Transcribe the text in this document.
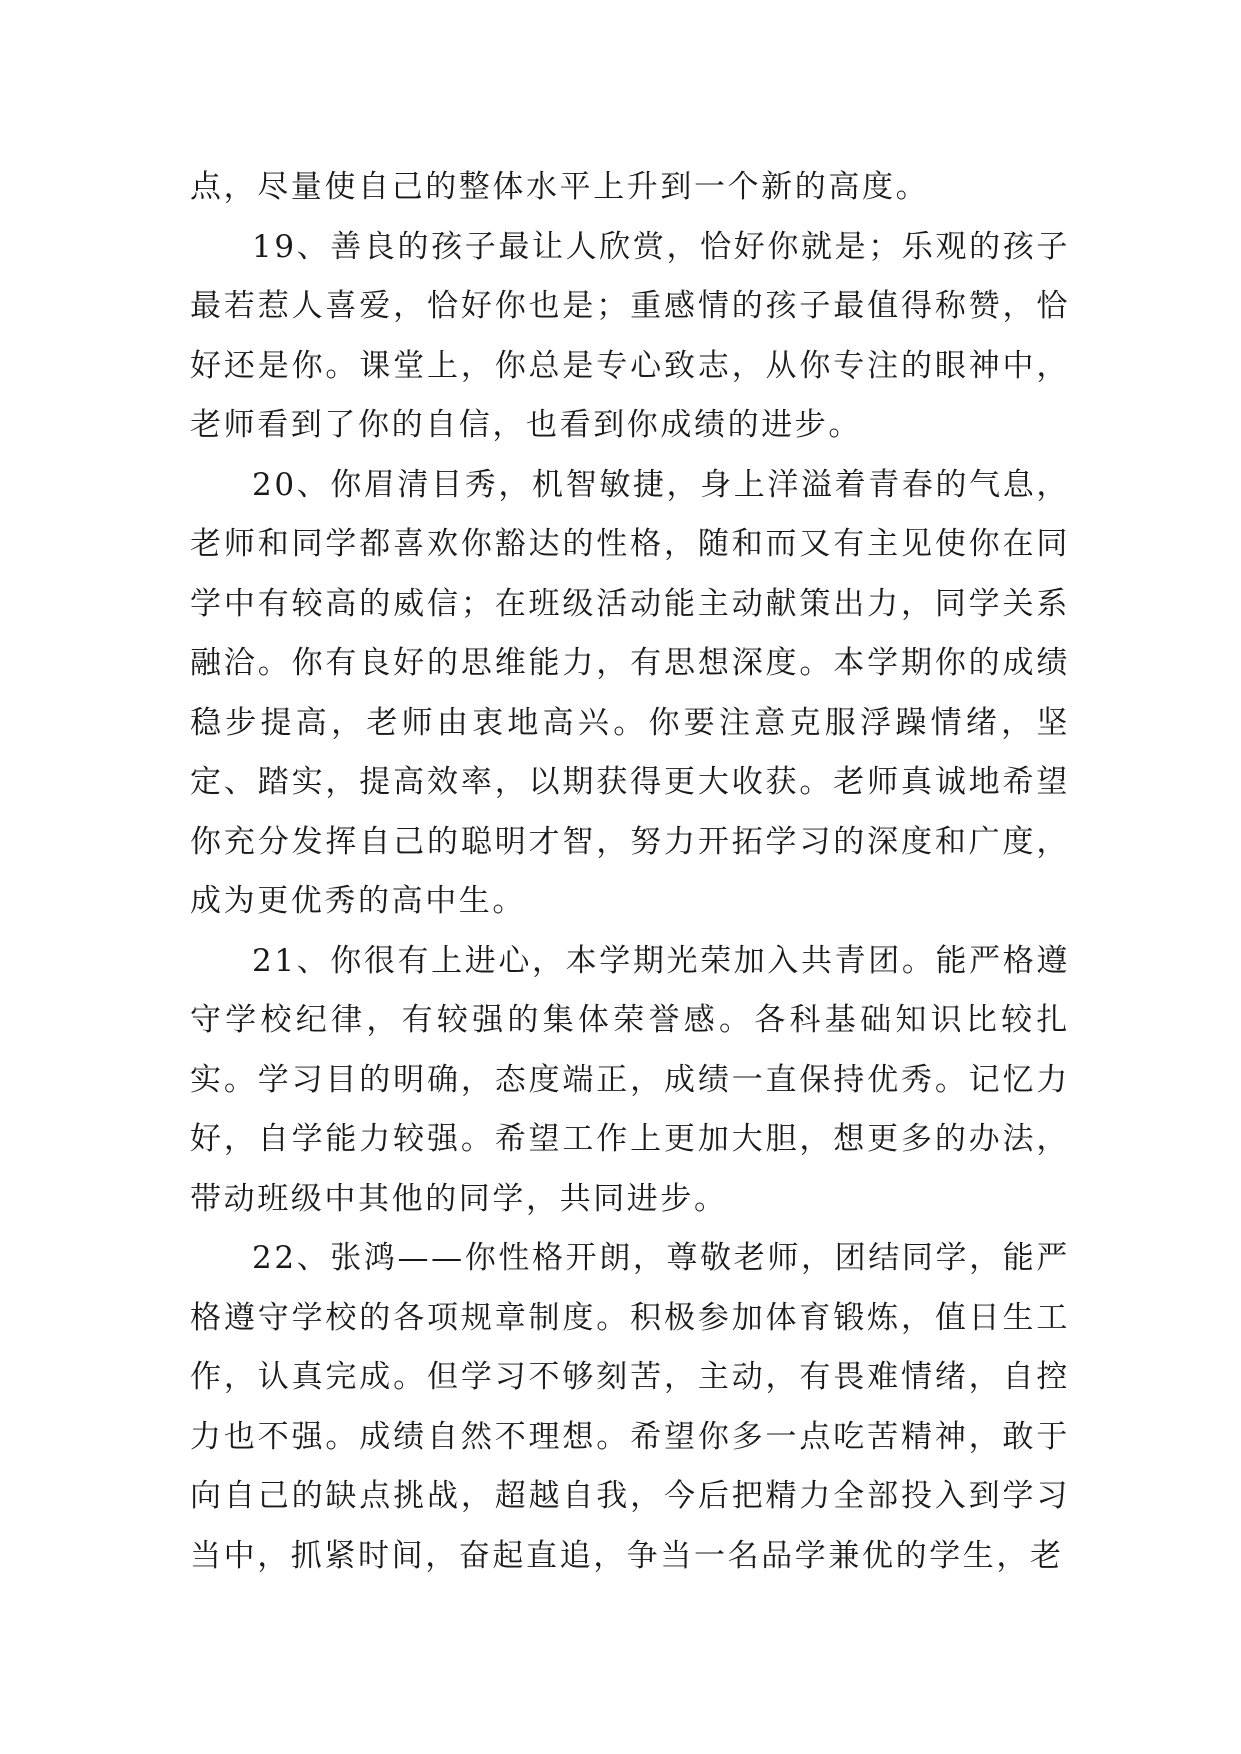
点，尽量使自己的整体水平上升到一个新的高度。

19、善良的孩子最让人欣赏，恰好你就是；乐观的孩子最若惹人喜爱，恰好你也是；重感情的孩子最值得称赞，恰好还是你。课堂上，你总是专心致志，从你专注的眼神中，老师看到了你的自信，也看到你成绩的进步。

20、你眉清目秀，机智敏捷，身上洋溢着青春的气息，老师和同学都喜欢你豁达的性格，随和而又有主见使你在同学中有较高的威信；在班级活动能主动献策出力，同学关系融洽。你有良好的思维能力，有思想深度。本学期你的成绩稳步提高，老师由衷地高兴。你要注意克服浮躁情绪，坚定、踏实，提高效率，以期获得更大收获。老师真诚地希望你充分发挥自己的聪明才智，努力开拓学习的深度和广度，成为更优秀的高中生。

21、你很有上进心，本学期光荣加入共青团。能严格遵守学校纪律，有较强的集体荣誉感。各科基础知识比较扎实。学习目的明确，态度端正，成绩一直保持优秀。记忆力好，自学能力较强。希望工作上更加大胆，想更多的办法，带动班级中其他的同学，共同进步。

22、张鸿——你性格开朗，尊敬老师，团结同学，能严格遵守学校的各项规章制度。积极参加体育锻炼，值日生工作，认真完成。但学习不够刻苦，主动，有畏难情绪，自控力也不强。成绩自然不理想。希望你多一点吃苦精神，敢于向自己的缺点挑战，超越自我，今后把精力全部投入到学习当中，抓紧时间，奋起直追，争当一名品学兼优的学生，老
